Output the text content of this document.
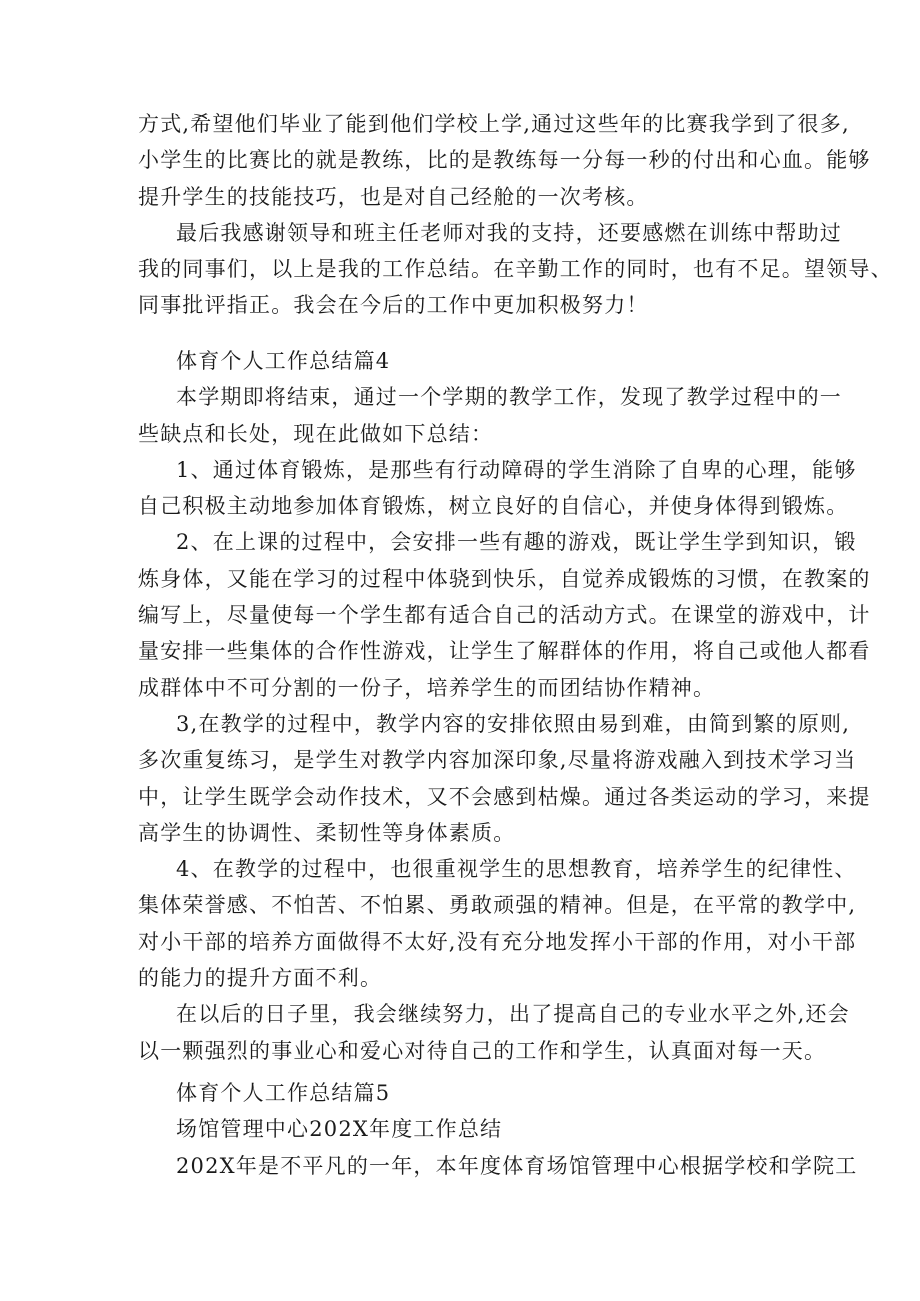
方式,希望他们毕业了能到他们学校上学,通过这些年的比赛我学到了很多,
小学生的比赛比的就是教练，比的是教练每一分每一秒的付出和心血。能够
提升学生的技能技巧，也是对自己经舱的一次考核。
最后我感谢领导和班主任老师对我的支持，还要感燃在训练中帮助过
我的同事们，以上是我的工作总结。在辛勤工作的同时，也有不足。望领导、
同事批评指正。我会在今后的工作中更加积极努力！
体育个人工作总结篇4
本学期即将结束，通过一个学期的教学工作，发现了教学过程中的一
些缺点和长处，现在此做如下总结：
1、通过体育锻炼，是那些有行动障碍的学生消除了自卑的心理，能够
自己积极主动地参加体育锻炼，树立良好的自信心，并使身体得到锻炼。
2、在上课的过程中，会安排一些有趣的游戏，既让学生学到知识，锻
炼身体，又能在学习的过程中体骁到快乐，自觉养成锻炼的习惯，在教案的
编写上，尽量使每一个学生都有适合自己的活动方式。在课堂的游戏中，计
量安排一些集体的合作性游戏，让学生了解群体的作用，将自己或他人都看
成群体中不可分割的一份子，培养学生的而团结协作精神。
3,在教学的过程中，教学内容的安排依照由易到难，由简到繁的原则,
多次重复练习，是学生对教学内容加深印象,尽量将游戏融入到技术学习当
中，让学生既学会动作技术，又不会感到枯燥。通过各类运动的学习，来提
高学生的协调性、柔韧性等身体素质。
4、在教学的过程中，也很重视学生的思想教育，培养学生的纪律性、
集体荣誉感、不怕苦、不怕累、勇敢顽强的精神。但是，在平常的教学中,
对小干部的培养方面做得不太好,没有充分地发挥小干部的作用，对小干部
的能力的提升方面不利。
在以后的日子里，我会继续努力，出了提高自己的专业水平之外,还会
以一颗强烈的事业心和爱心对待自己的工作和学生，认真面对每一天。
体育个人工作总结篇5
场馆管理中心202X年度工作总结
202X年是不平凡的一年，本年度体育场馆管理中心根据学校和学院工
